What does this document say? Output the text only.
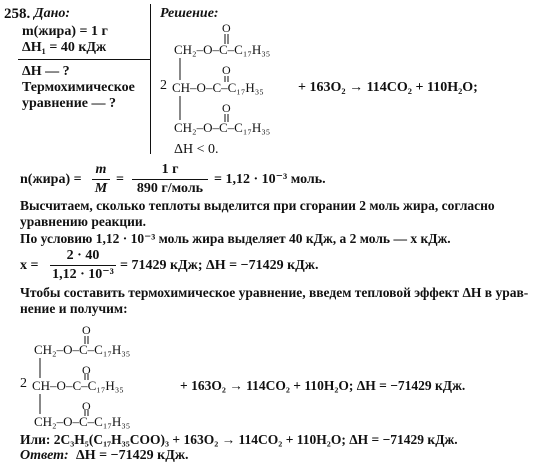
258. Дано:
m(жира) = 1 г
ΔH₁ = 40 кДж
ΔH — ?
Термохимическое
уравнение — ?
Решение:
O
CH₂–O–C–C₁₇H₃₅
2
O
CH–O–C–C₁₇H₃₅
O
CH₂–O–C–C₁₇H₃₅
+ 163O₂ → 114CO₂ + 110H₂O;
ΔH < 0.
n(жира) =
m
M
=
1 г
890 г/моль
= 1,12 · 10⁻³ моль.
Высчитаем, сколько теплоты выделится при сгорании 2 моль жира, согласно
уравнению реакции.
По условию 1,12 · 10⁻³ моль жира выделяет 40 кДж, а 2 моль — x кДж.
x =
2 · 40
1,12 · 10⁻³
= 71429 кДж; ΔH = −71429 кДж.
Чтобы составить термохимическое уравнение, введем тепловой эффект ΔH в урав-
нение и получим:
O
CH₂–O–C–C₁₇H₃₅
2
O
CH–O–C–C₁₇H₃₅
O
CH₂–O–C–C₁₇H₃₅
+ 163O₂ → 114CO₂ + 110H₂O; ΔH = −71429 кДж.
Или: 2C₃H₅(C₁₇H₃₅COO)₃ + 163O₂ → 114CO₂ + 110H₂O; ΔH = −71429 кДж.
Ответ: ΔH = −71429 кДж.
